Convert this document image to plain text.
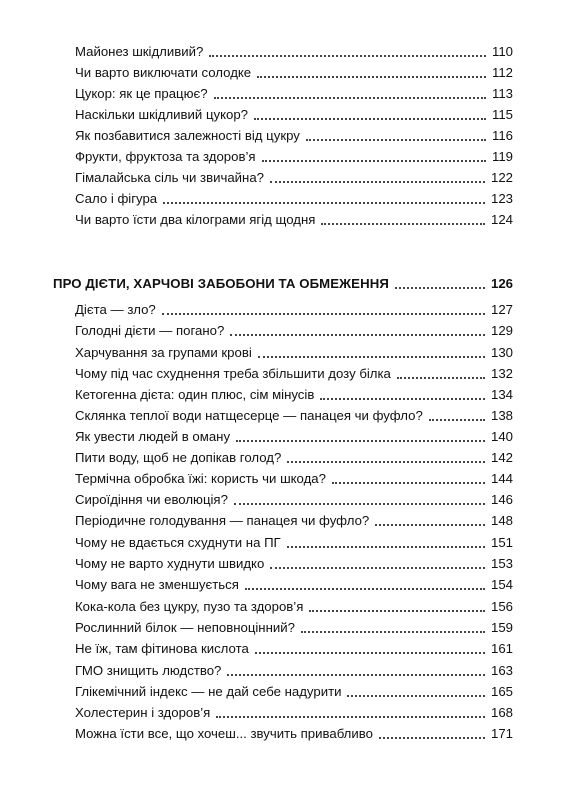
Майонез шкідливий?	110
Чи варто виключати солодке	112
Цукор: як це працює?	113
Наскільки шкідливий цукор?	115
Як позбавитися залежності від цукру	116
Фрукти, фруктоза та здоров’я	119
Гімалайська сіль чи звичайна?	122
Сало і фігура	123
Чи варто їсти два кілограми ягід щодня	124
ПРО ДІЄТИ, ХАРЧОВІ ЗАБОБОНИ ТА ОБМЕЖЕННЯ	126
Дієта — зло?	127
Голодні дієти — погано?	129
Харчування за групами крові	130
Чому під час схуднення треба збільшити дозу білка	132
Кетогенна дієта: один плюс, сім мінусів	134
Склянка теплої води натщесерце — панацея чи фуфло?	138
Як увести людей в оману	140
Пити воду, щоб не допікав голод?	142
Термічна обробка їжі: користь чи шкода?	144
Сироїдіння чи еволюція?	146
Періодичне голодування — панацея чи фуфло?	148
Чому не вдається схуднути на ПГ	151
Чому не варто худнути швидко	153
Чому вага не зменшується	154
Кока-кола без цукру, пузо та здоров’я	156
Рослинний білок — неповноцінний?	159
Не їж, там фітинова кислота	161
ГМО знищить людство?	163
Глікемічний індекс — не дай себе надурити	165
Холестерин і здоров’я	168
Можна їсти все, що хочеш... звучить привабливо	171
